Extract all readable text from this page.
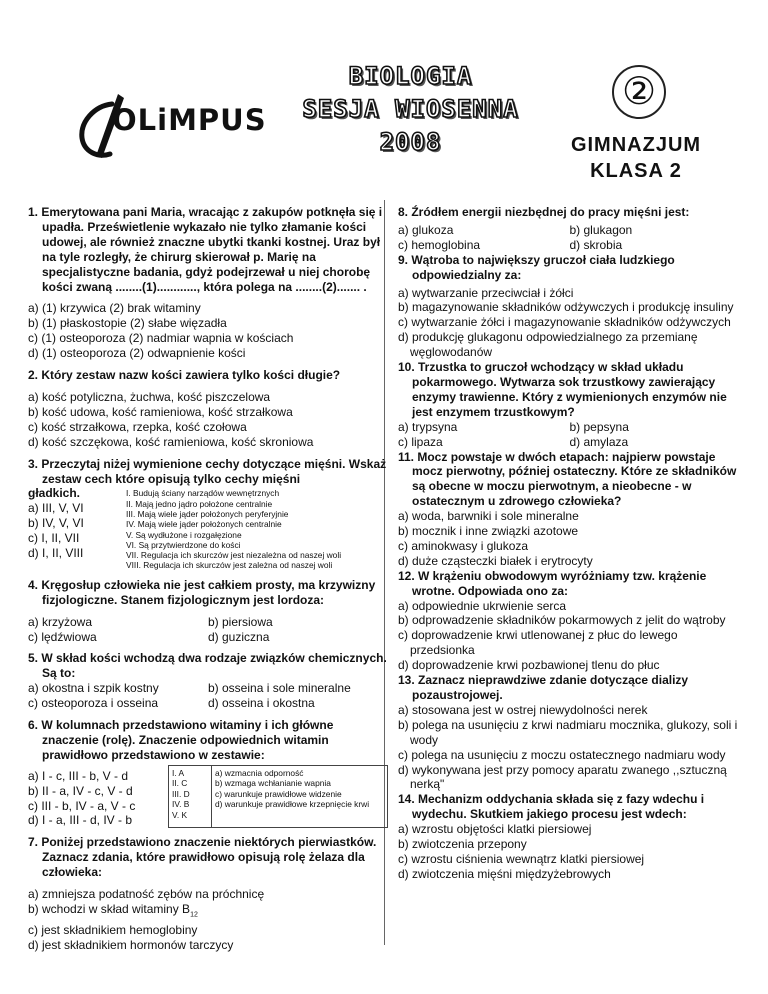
OLiMPUS
BIOLOGIA
SESJA WIOSENNA
2008
②
GIMNAZJUM
KLASA 2
1. Emerytowana pani Maria, wracając z zakupów potknęła się i upadła. Prześwietlenie wykazało nie tylko złamanie kości udowej, ale również znaczne ubytki tkanki kostnej. Uraz był na tyle rozległy, że chirurg skierował p. Marię na specjalistyczne badania, gdyż podejrzewał u niej chorobę kości zwaną ........(1)............, która polega na ........(2)....... .
a) (1) krzywica (2) brak witaminy
b) (1) płaskostopie (2) słabe więzadła
c) (1) osteoporoza (2) nadmiar wapnia w kościach
d) (1) osteoporoza (2) odwapnienie kości
2. Który zestaw nazw kości zawiera tylko kości długie?
a) kość potyliczna, żuchwa, kość piszczelowa
b) kość udowa, kość ramieniowa, kość strzałkowa
c) kość strzałkowa, rzepka, kość czołowa
d) kość szczękowa, kość ramieniowa, kość skroniowa
3. Przeczytaj niżej wymienione cechy dotyczące mięśni. Wskaż zestaw cech które opisują tylko cechy mięśni
gładkich.
a) III, V, VI
b) IV, V, VI
c) I, II, VII
d) I, II, VIII
I. Budują ściany narządów wewnętrznych
II. Mają jedno jądro położone centralnie
III. Mają wiele jąder położonych peryferyjnie
IV. Mają wiele jąder położonych centralnie
V. Są wydłużone i rozgałęzione
VI. Są przytwierdzone do kości
VII. Regulacja ich skurczów jest niezależna od naszej woli
VIII. Regulacja ich skurczów jest zależna od naszej woli
4. Kręgosłup człowieka nie jest całkiem prosty, ma krzywizny fizjologiczne. Stanem fizjologicznym jest lordoza:
a) krzyżowa	b) piersiowa
c) lędźwiowa	d) guziczna
5. W skład kości wchodzą dwa rodzaje związków chemicznych. Są to:
a) okostna i szpik kostny	b) osseina i sole mineralne
c) osteoporoza i osseina	d) osseina i okostna
6. W kolumnach przedstawiono witaminy i ich główne znaczenie (rolę). Znaczenie odpowiednich witamin prawidłowo przedstawiono w zestawie:
a) I - c, III - b, V - d
b) II - a, IV - c, V - d
c) III - b, IV - a, V - c
d) I - a, III - d, IV - b
I. A
II. C
III. D
IV. B
V. K
a) wzmacnia odporność
b) wzmaga wchłanianie wapnia
c) warunkuje prawidłowe widzenie
d) warunkuje prawidłowe krzepnięcie krwi
7. Poniżej przedstawiono znaczenie niektórych pierwiastków. Zaznacz zdania, które prawidłowo opisują rolę żelaza dla człowieka:
a) zmniejsza podatność zębów na próchnicę
b) wchodzi w skład witaminy $B_{12}$
c) jest składnikiem hemoglobiny
d) jest składnikiem hormonów tarczycy
8. Źródłem energii niezbędnej do pracy mięśni jest:
a) glukoza	b) glukagon
c) hemoglobina	d) skrobia
9. Wątroba to największy gruczoł ciała ludzkiego odpowiedzialny za:
a) wytwarzanie przeciwciał i żółci
b) magazynowanie składników odżywczych i produkcję insuliny
c) wytwarzanie żółci i magazynowanie składników odżywczych
d) produkcję glukagonu odpowiedzialnego za przemianę węglowodanów
10. Trzustka to gruczoł wchodzący w skład układu pokarmowego. Wytwarza sok trzustkowy zawierający enzymy trawienne. Który z wymienionych enzymów nie jest enzymem trzustkowym?
a) trypsyna	b) pepsyna
c) lipaza	d) amylaza
11. Mocz powstaje w dwóch etapach: najpierw powstaje mocz pierwotny, później ostateczny. Które ze składników są obecne w moczu pierwotnym, a nieobecne - w ostatecznym u zdrowego człowieka?
a) woda, barwniki i sole mineralne
b) mocznik i inne związki azotowe
c) aminokwasy i glukoza
d) duże cząsteczki białek i erytrocyty
12. W krążeniu obwodowym wyróżniamy tzw. krążenie wrotne. Odpowiada ono za:
a) odpowiednie ukrwienie serca
b) odprowadzenie składników pokarmowych z jelit do wątroby
c) doprowadzenie krwi utlenowanej z płuc do lewego przedsionka
d) doprowadzenie krwi pozbawionej tlenu do płuc
13. Zaznacz nieprawdziwe zdanie dotyczące dializy pozaustrojowej.
a) stosowana jest w ostrej niewydolności nerek
b) polega na usunięciu z krwi nadmiaru mocznika, glukozy, soli i wody
c) polega na usunięciu z moczu ostatecznego nadmiaru wody
d) wykonywana jest przy pomocy aparatu zwanego ,,sztuczną nerką"
14. Mechanizm oddychania składa się z fazy wdechu i wydechu. Skutkiem jakiego procesu jest wdech:
a) wzrostu objętości klatki piersiowej
b) zwiotczenia przepony
c) wzrostu ciśnienia wewnątrz klatki piersiowej
d) zwiotczenia mięśni międzyżebrowych
